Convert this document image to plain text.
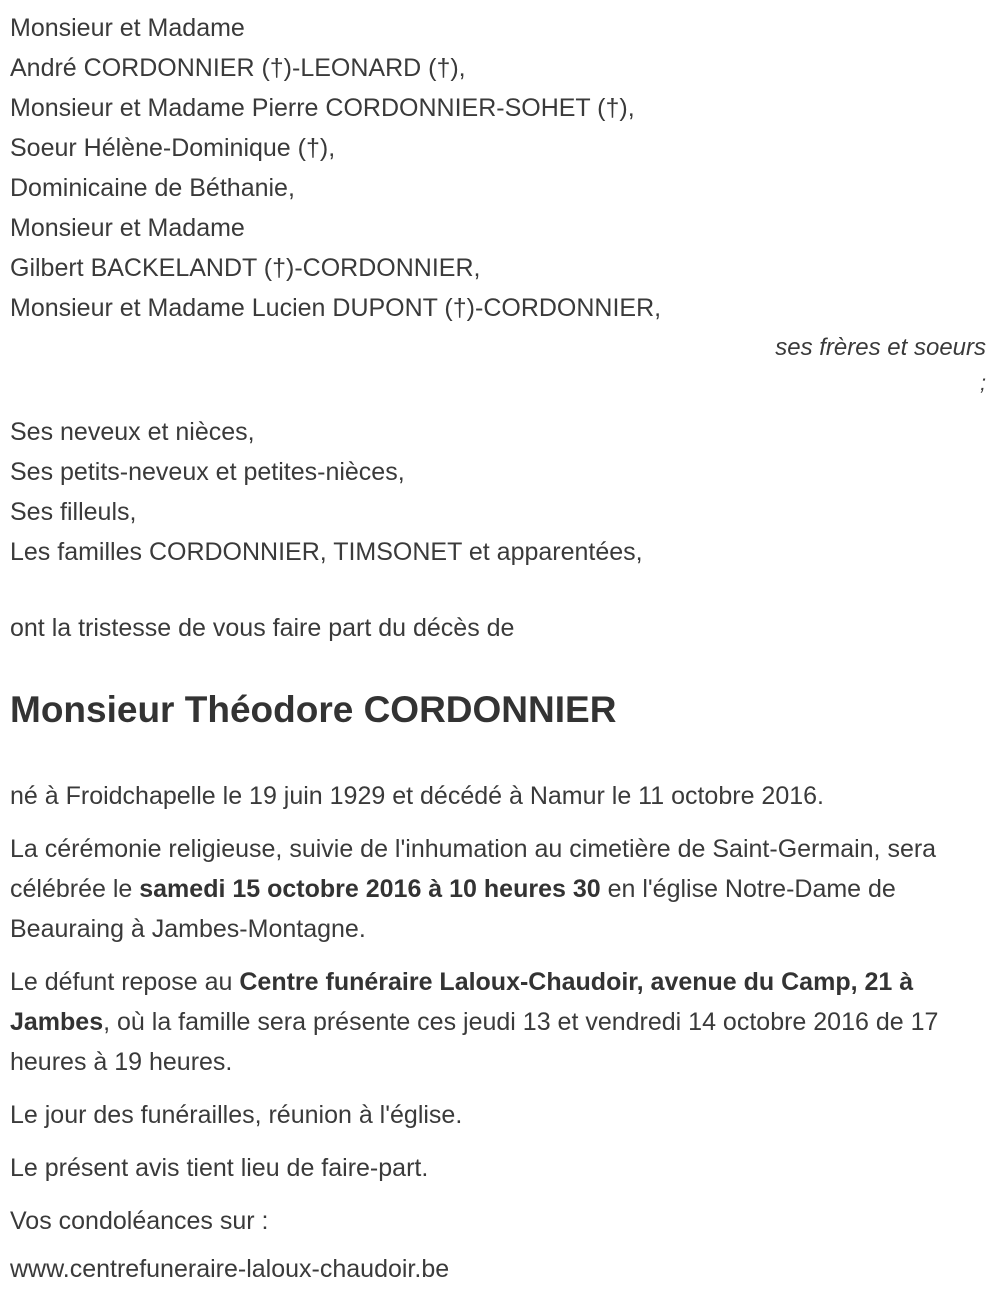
Monsieur et Madame
André CORDONNIER (†)-LEONARD (†),
Monsieur et Madame Pierre CORDONNIER-SOHET (†),
Soeur Hélène-Dominique (†),
Dominicaine de Béthanie,
Monsieur et Madame
Gilbert BACKELANDT (†)-CORDONNIER,
Monsieur et Madame Lucien DUPONT (†)-CORDONNIER,
ses frères et soeurs
;
Ses neveux et nièces,
Ses petits-neveux et petites-nièces,
Ses filleuls,
Les familles CORDONNIER, TIMSONET et apparentées,

ont la tristesse de vous faire part du décès de

Monsieur Théodore CORDONNIER

né à Froidchapelle le 19 juin 1929 et décédé à Namur le 11 octobre 2016.

La cérémonie religieuse, suivie de l'inhumation au cimetière de Saint-Germain, sera célébrée le samedi 15 octobre 2016 à 10 heures 30 en l'église Notre-Dame de Beauraing à Jambes-Montagne.

Le défunt repose au Centre funéraire Laloux-Chaudoir, avenue du Camp, 21 à Jambes, où la famille sera présente ces jeudi 13 et vendredi 14 octobre 2016 de 17 heures à 19 heures.

Le jour des funérailles, réunion à l'église.

Le présent avis tient lieu de faire-part.

Vos condoléances sur :

www.centrefuneraire-laloux-chaudoir.be
